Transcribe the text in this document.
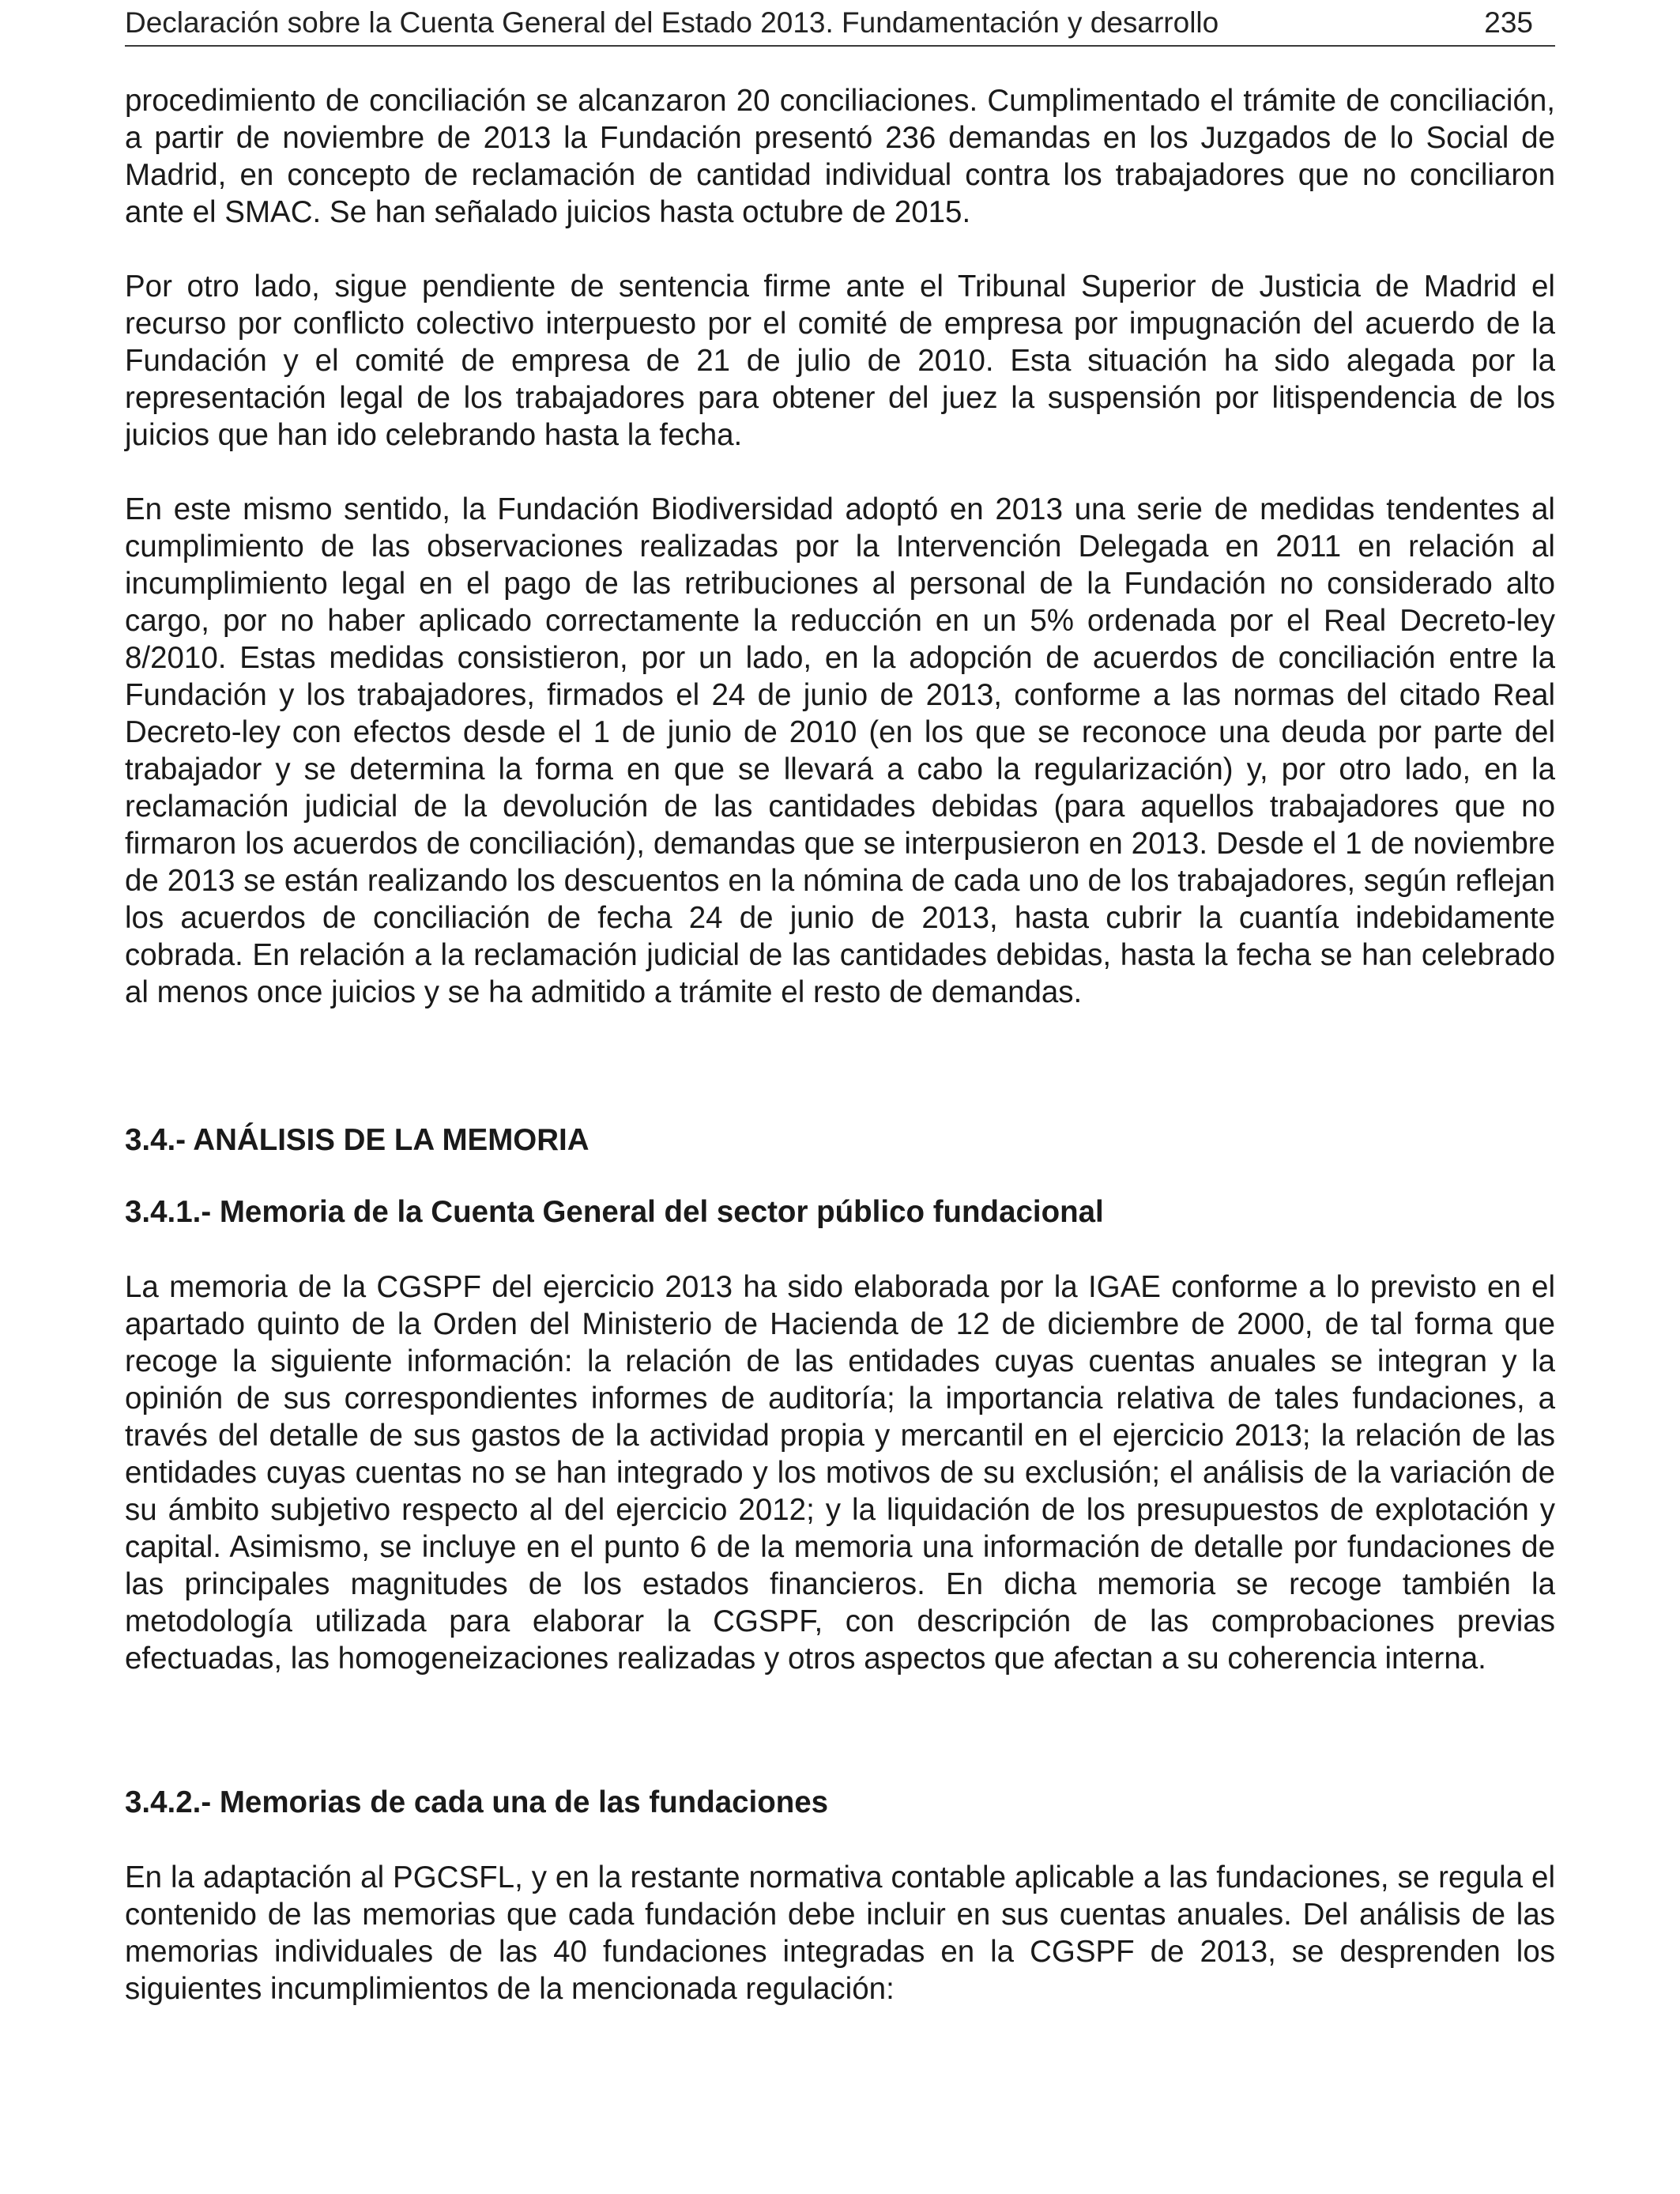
Declaración sobre la Cuenta General del Estado 2013. Fundamentación y desarrollo	235

procedimiento de conciliación se alcanzaron 20 conciliaciones. Cumplimentado el trámite de conciliación, a partir de noviembre de 2013 la Fundación presentó 236 demandas en los Juzgados de lo Social de Madrid, en concepto de reclamación de cantidad individual contra los trabajadores que no conciliaron ante el SMAC. Se han señalado juicios hasta octubre de 2015.

Por otro lado, sigue pendiente de sentencia firme ante el Tribunal Superior de Justicia de Madrid el recurso por conflicto colectivo interpuesto por el comité de empresa por impugnación del acuerdo de la Fundación y el comité de empresa de 21 de julio de 2010. Esta situación ha sido alegada por la representación legal de los trabajadores para obtener del juez la suspensión por litispendencia de los juicios que han ido celebrando hasta la fecha.

En este mismo sentido, la Fundación Biodiversidad adoptó en 2013 una serie de medidas tendentes al cumplimiento de las observaciones realizadas por la Intervención Delegada en 2011 en relación al incumplimiento legal en el pago de las retribuciones al personal de la Fundación no considerado alto cargo, por no haber aplicado correctamente la reducción en un 5% ordenada por el Real Decreto-ley 8/2010. Estas medidas consistieron, por un lado, en la adopción de acuerdos de conciliación entre la Fundación y los trabajadores, firmados el 24 de junio de 2013, conforme a las normas del citado Real Decreto-ley con efectos desde el 1 de junio de 2010 (en los que se reconoce una deuda por parte del trabajador y se determina la forma en que se llevará a cabo la regularización) y, por otro lado, en la reclamación judicial de la devolución de las cantidades debidas (para aquellos trabajadores que no firmaron los acuerdos de conciliación), demandas que se interpusieron en 2013. Desde el 1 de noviembre de 2013 se están realizando los descuentos en la nómina de cada uno de los trabajadores, según reflejan los acuerdos de conciliación de fecha 24 de junio de 2013, hasta cubrir la cuantía indebidamente cobrada. En relación a la reclamación judicial de las cantidades debidas, hasta la fecha se han celebrado al menos once juicios y se ha admitido a trámite el resto de demandas.

3.4.- ANÁLISIS DE LA MEMORIA
3.4.1.- Memoria de la Cuenta General del sector público fundacional

La memoria de la CGSPF del ejercicio 2013 ha sido elaborada por la IGAE conforme a lo previsto en el apartado quinto de la Orden del Ministerio de Hacienda de 12 de diciembre de 2000, de tal forma que recoge la siguiente información: la relación de las entidades cuyas cuentas anuales se integran y la opinión de sus correspondientes informes de auditoría; la importancia relativa de tales fundaciones, a través del detalle de sus gastos de la actividad propia y mercantil en el ejercicio 2013; la relación de las entidades cuyas cuentas no se han integrado y los motivos de su exclusión; el análisis de la variación de su ámbito subjetivo respecto al del ejercicio 2012; y la liquidación de los presupuestos de explotación y capital. Asimismo, se incluye en el punto 6 de la memoria una información de detalle por fundaciones de las principales magnitudes de los estados financieros. En dicha memoria se recoge también la metodología utilizada para elaborar la CGSPF, con descripción de las comprobaciones previas efectuadas, las homogeneizaciones realizadas y otros aspectos que afectan a su coherencia interna.

3.4.2.- Memorias de cada una de las fundaciones

En la adaptación al PGCSFL, y en la restante normativa contable aplicable a las fundaciones, se regula el contenido de las memorias que cada fundación debe incluir en sus cuentas anuales. Del análisis de las memorias individuales de las 40 fundaciones integradas en la CGSPF de 2013, se desprenden los siguientes incumplimientos de la mencionada regulación:
